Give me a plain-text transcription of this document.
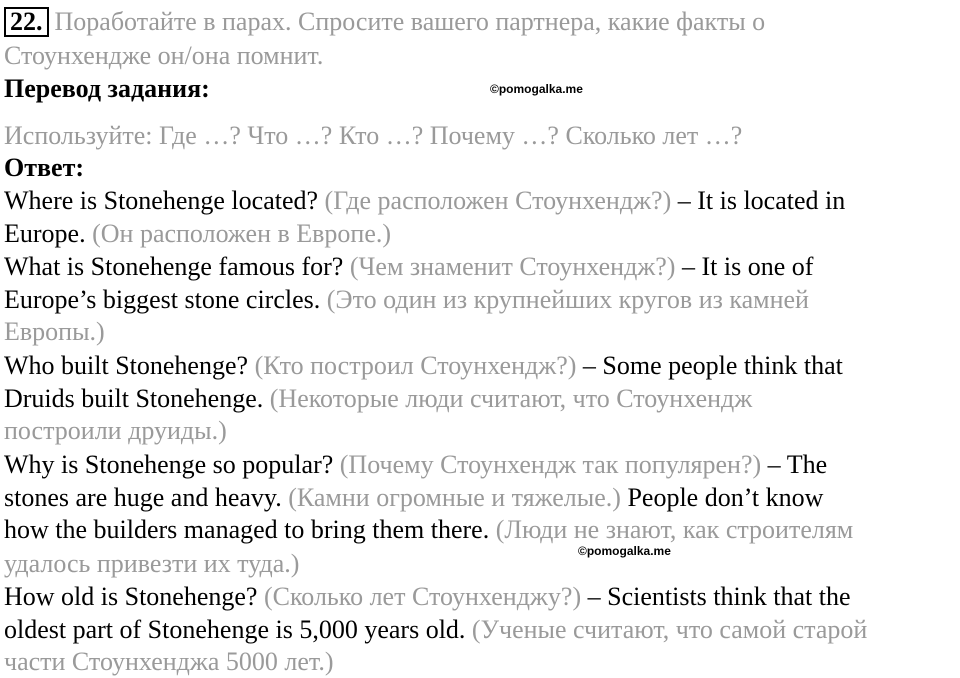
22. Поработайте в парах. Спросите вашего партнера, какие факты о
Стоунхендже он/она помнит.
Перевод задания:	©pomogalka.me
Используйте: Где …? Что …? Кто …? Почему …? Сколько лет …?
Ответ:
Where is Stonehenge located? (Где расположен Стоунхендж?) – It is located in
Europe. (Он расположен в Европе.)
What is Stonehenge famous for? (Чем знаменит Стоунхендж?) – It is one of
Europe’s biggest stone circles. (Это один из крупнейших кругов из камней
Европы.)
Who built Stonehenge? (Кто построил Стоунхендж?) – Some people think that
Druids built Stonehenge. (Некоторые люди считают, что Стоунхендж
построили друиды.)
Why is Stonehenge so popular? (Почему Стоунхендж так популярен?) – The
stones are huge and heavy. (Камни огромные и тяжелые.) People don’t know
how the builders managed to bring them there. (Люди не знают, как строителям
удалось привезти их туда.)	©pomogalka.me
How old is Stonehenge? (Сколько лет Стоунхенджу?) – Scientists think that the
oldest part of Stonehenge is 5,000 years old. (Ученые считают, что самой старой
части Стоунхенджа 5000 лет.)
